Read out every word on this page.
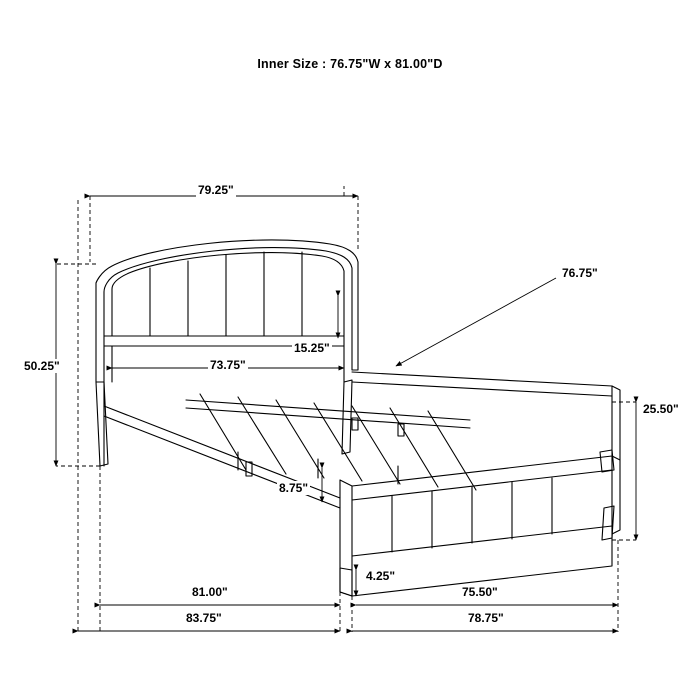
Inner Size : 76.75"W x 81.00"D
79.25"
50.25"	73.75"
15.25"
76.75"
25.50"
8.75"
4.25"
81.00"
83.75"
75.50"
78.75"
